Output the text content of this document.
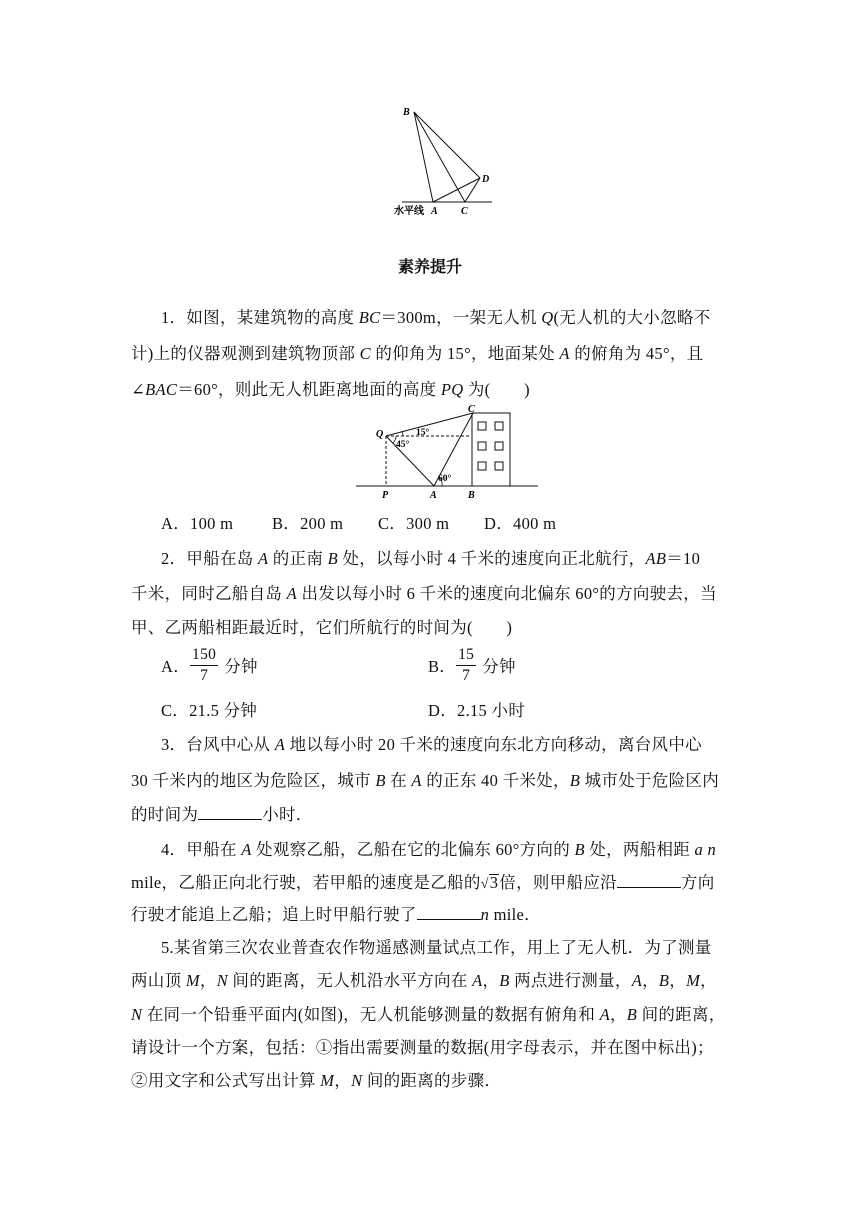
B
D
A C
水平线
素养提升
1．如图，某建筑物的高度 BC＝300m，一架无人机 Q(无人机的大小忽略不
计)上的仪器观测到建筑物顶部 C 的仰角为 15°，地面某处 A 的俯角为 45°，且
∠BAC＝60°，则此无人机距离地面的高度 PQ 为(　　)
Q
C
P	A	B
15°
45°
60°
A．100 m B．200 m C．300 m D．400 m
2．甲船在岛 A 的正南 B 处，以每小时 4 千米的速度向正北航行，AB＝10
千米，同时乙船自岛 A 出发以每小时 6 千米的速度向北偏东 60°的方向驶去，当
甲、乙两船相距最近时，它们所航行的时间为(　　)
A． $\frac{150}{7}$ 分钟	B． $\frac{15}{7}$ 分钟
C．21.5 分钟	D．2.15 小时
3．台风中心从 A 地以每小时 20 千米的速度向东北方向移动，离台风中心
30 千米内的地区为危险区，城市 B 在 A 的正东 40 千米处，B 城市处于危险区内
的时间为	小时．
4．甲船在 A 处观察乙船，乙船在它的北偏东 60°方向的 B 处，两船相距 a n
mile，乙船正向北行驶，若甲船的速度是乙船的√3倍，则甲船应沿	方向
行驶才能追上乙船；追上时甲船行驶了	n mile．
5.某省第三次农业普查农作物遥感测量试点工作，用上了无人机．为了测量
两山顶 M，N 间的距离，无人机沿水平方向在 A，B 两点进行测量，A，B，M，
N 在同一个铅垂平面内(如图)，无人机能够测量的数据有俯角和 A，B 间的距离，
请设计一个方案，包括：①指出需要测量的数据(用字母表示，并在图中标出)；
②用文字和公式写出计算 M，N 间的距离的步骤．
